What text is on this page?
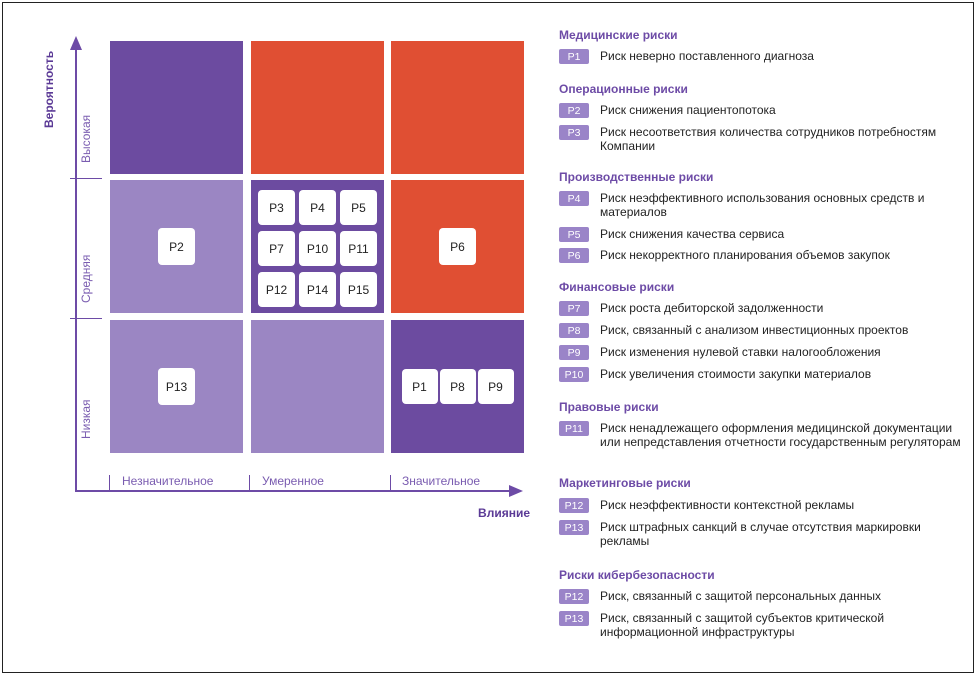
Вероятность
Влияние
Высокая
Средняя
Низкая
Незначительное	Умеренное	Значительное
P2
P3	P4	P5
P7	P10	P11
P12	P14	P15
P6
P13	P1	P8	P9
Медицинские риски
P1	Риск неверно поставленного диагноза
Операционные риски
P2	Риск снижения пациентопотока
P3	Риск несоответствия количества сотрудников потребностям Компании
Производственные риски
P4	Риск неэффективного использования основных средств и материалов
P5	Риск снижения качества сервиса
P6	Риск некорректного планирования объемов закупок
Финансовые риски
P7	Риск роста дебиторской задолженности
P8	Риск, связанный с анализом инвестиционных проектов
P9	Риск изменения нулевой ставки налогообложения
P10	Риск увеличения стоимости закупки материалов
Правовые риски
P11	Риск ненадлежащего оформления медицинской документации или непредставления отчетности государственным регуляторам
Маркетинговые риски
P12	Риск неэффективности контекстной рекламы
P13	Риск штрафных санкций в случае отсутствия маркировки рекламы
Риски кибербезопасности
P12	Риск, связанный с защитой персональных данных
P13	Риск, связанный с защитой субъектов критической информационной инфраструктуры
